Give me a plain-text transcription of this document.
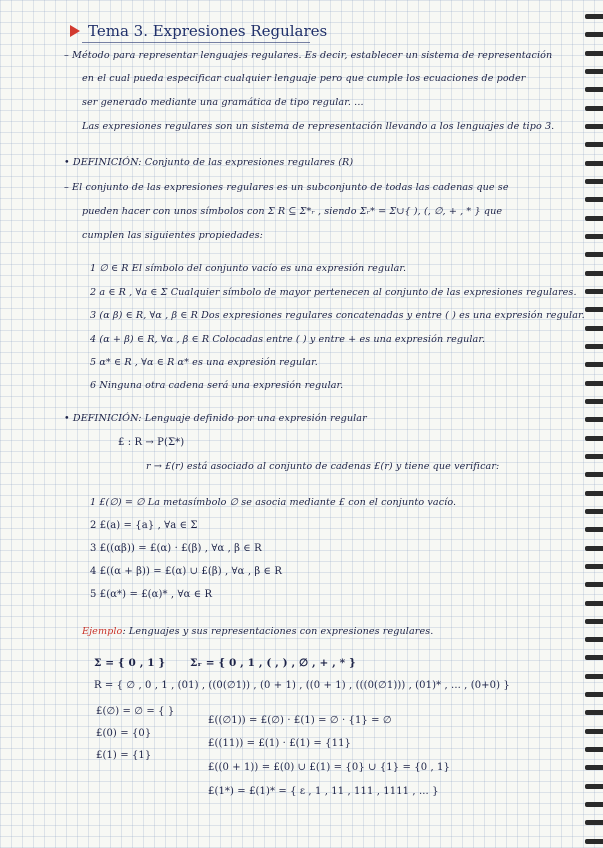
Tema 3. Expresiones Regulares
– Método para representar lenguajes regulares. Es decir, establecer un sistema de representación
en el cual pueda especificar cualquier lenguaje pero que cumple los ecuaciones de poder
ser generado mediante una gramática de tipo regular. ...
Las expresiones regulares son un sistema de representación llevando a los lenguajes de tipo 3.
• DEFINICIÓN: Conjunto de las expresiones regulares (R)
– El conjunto de las expresiones regulares es un subconjunto de todas las cadenas que se
pueden hacer con unos símbolos con Σ R ⊆ Σ*ᵣ , siendo Σᵣ* = Σ∪{ ), (, ∅, + , * } que
cumplen las siguientes propiedades:
1 ∅ ∈ R El símbolo del conjunto vacío es una expresión regular.
2 a ∈ R , ∀a ∈ Σ Cualquier símbolo de mayor pertenecen al conjunto de las expresiones regulares.
3 (α β) ∈ R, ∀α , β ∈ R Dos expresiones regulares concatenadas y entre ( ) es una expresión regular.
4 (α + β) ∈ R, ∀α , β ∈ R Colocadas entre ( ) y entre + es una expresión regular.
5 α* ∈ R , ∀α ∈ R α* es una expresión regular.
6 Ninguna otra cadena será una expresión regular.
• DEFINICIÓN: Lenguaje definido por una expresión regular
£ : R → P(Σ*)
r → £(r) está asociado al conjunto de cadenas £(r) y tiene que verificar:
1 £(∅) = ∅ La metasímbolo ∅ se asocia mediante £ con el conjunto vacío.
2 £(a) = {a} , ∀a ∈ Σ
3 £((αβ)) = £(α) · £(β) , ∀α , β ∈ R
4 £((α + β)) = £(α) ∪ £(β) , ∀α , β ∈ R
5 £(α*) = £(α)* , ∀α ∈ R
Ejemplo: Lenguajes y sus representaciones con expresiones regulares.
Σ = { 0 , 1 } Σᵣ = { 0 , 1 , ( , ) , ∅ , + , * }
R = { ∅ , 0 , 1 , (01) , ((0(∅1)) , (0 + 1) , ((0 + 1) , (((0(∅1))) , (01)* , ... , (0+0) }
£(∅) = ∅ = { }
£(0) = {0}
£(1) = {1}
£((∅1)) = £(∅) · £(1) = ∅ · {1} = ∅
£((11)) = £(1) · £(1) = {11}
£((0 + 1)) = £(0) ∪ £(1) = {0} ∪ {1} = {0 , 1}
£(1*) = £(1)* = { ε , 1 , 11 , 111 , 1111 , ... }
